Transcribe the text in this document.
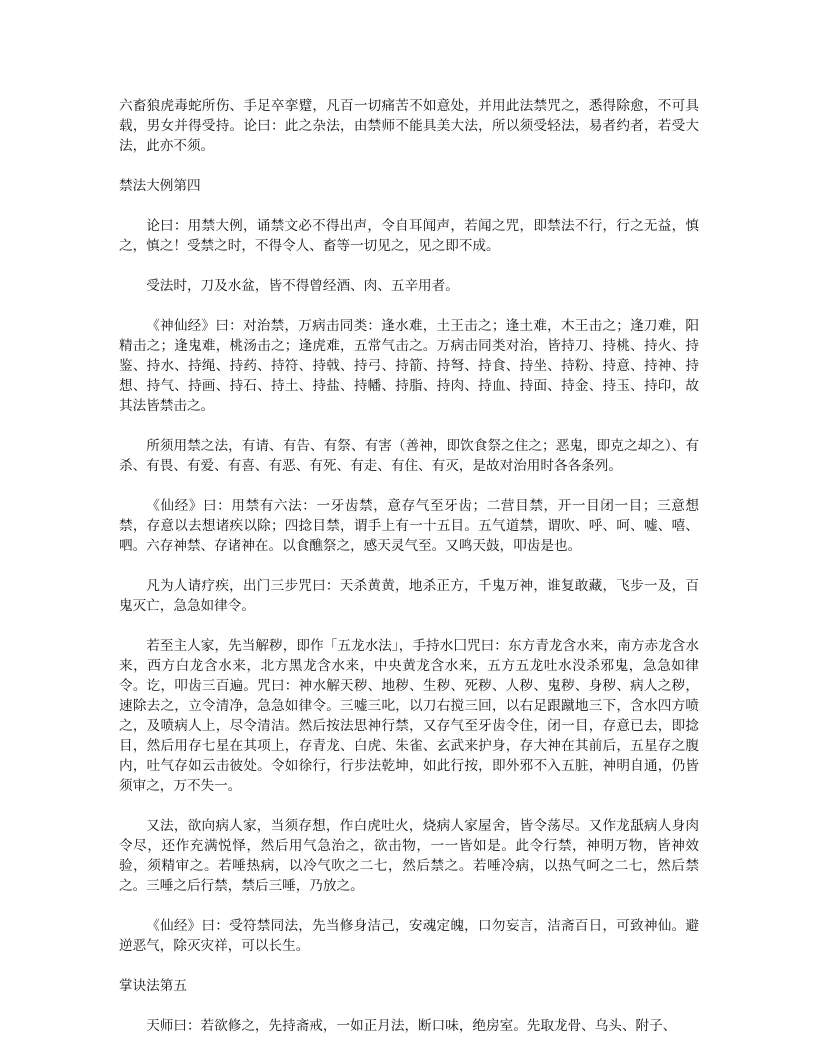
六畜狼虎毒蛇所伤、手足卒挛躄，凡百一切痛苦不如意处，并用此法禁咒之，悉得除愈，不可具载，男女并得受持。论曰：此之杂法，由禁师不能具美大法，所以须受轻法，易者约者，若受大法，此亦不须。

禁法大例第四

论曰：用禁大例，诵禁文必不得出声，令自耳闻声，若闻之咒，即禁法不行，行之无益，慎之，慎之！受禁之时，不得令人、畜等一切见之，见之即不成。

受法时，刀及水盆，皆不得曾经酒、肉、五辛用者。

《神仙经》曰：对治禁，万病击同类：逢水难，土王击之；逢土难，木王击之；逢刀难，阳精击之；逢鬼难，桃汤击之；逢虎难，五常气击之。万病击同类对治，皆持刀、持桃、持火、持鉴、持水、持绳、持药、持符、持戟、持弓、持箭、持弩、持食、持坐、持粉、持意、持神、持想、持气、持画、持石、持土、持盐、持幡、持脂、持肉、持血、持面、持金、持玉、持印，故其法皆禁击之。

所须用禁之法，有请、有告、有祭、有害（善神，即饮食祭之住之；恶鬼，即克之却之）、有杀、有畏、有爱、有喜、有恶、有死、有走、有住、有灭，是故对治用时各各条列。

《仙经》曰：用禁有六法：一牙齿禁，意存气至牙齿；二营目禁，开一目闭一目；三意想禁，存意以去想诸疾以除；四捻目禁，谓手上有一十五目。五气道禁，谓吹、呼、呵、嘘、嘻、呬。六存神禁、存诸神在。以食醮祭之，感天灵气至。又鸣天鼓，叩齿是也。

凡为人请疗疾，出门三步咒曰：天杀黄黄，地杀正方，千鬼万神，谁复敢藏，飞步一及，百鬼灭亡，急急如律令。

若至主人家，先当解秽，即作「五龙水法」，手持水囗咒曰：东方青龙含水来，南方赤龙含水来，西方白龙含水来，北方黑龙含水来，中央黄龙含水来，五方五龙吐水没杀邪鬼，急急如律令。讫，叩齿三百遍。咒曰：神水解天秽、地秽、生秽、死秽、人秽、鬼秽、身秽、病人之秽，速除去之，立令清净，急急如律令。三嘘三叱，以刀右搅三回，以右足跟蹴地三下，含水四方喷之，及喷病人上，尽令清洁。然后按法思神行禁，又存气至牙齿令住，闭一目，存意已去，即捻目，然后用存七星在其项上，存青龙、白虎、朱雀、玄武来护身，存大神在其前后，五星存之腹内，吐气存如云击彼处。令如徐行，行步法乾坤，如此行按，即外邪不入五脏，神明自通，仍皆须审之，万不失一。

又法，欲向病人家，当须存想，作白虎吐火，烧病人家屋舍，皆令荡尽。又作龙舐病人身肉令尽，还作充满悦怿，然后用气急治之，欲击物，一一皆如是。此令行禁，神明万物，皆神效验，须精审之。若唾热病，以冷气吹之二七，然后禁之。若唾冷病，以热气呵之二七，然后禁之。三唾之后行禁，禁后三唾，乃放之。

《仙经》曰：受符禁同法，先当修身洁己，安魂定魄，口勿妄言，洁斋百日，可致神仙。避逆恶气，除灭灾祥，可以长生。

掌诀法第五

天师曰：若欲修之，先持斋戒，一如正月法，断口味，绝房室。先取龙骨、乌头、附子、
